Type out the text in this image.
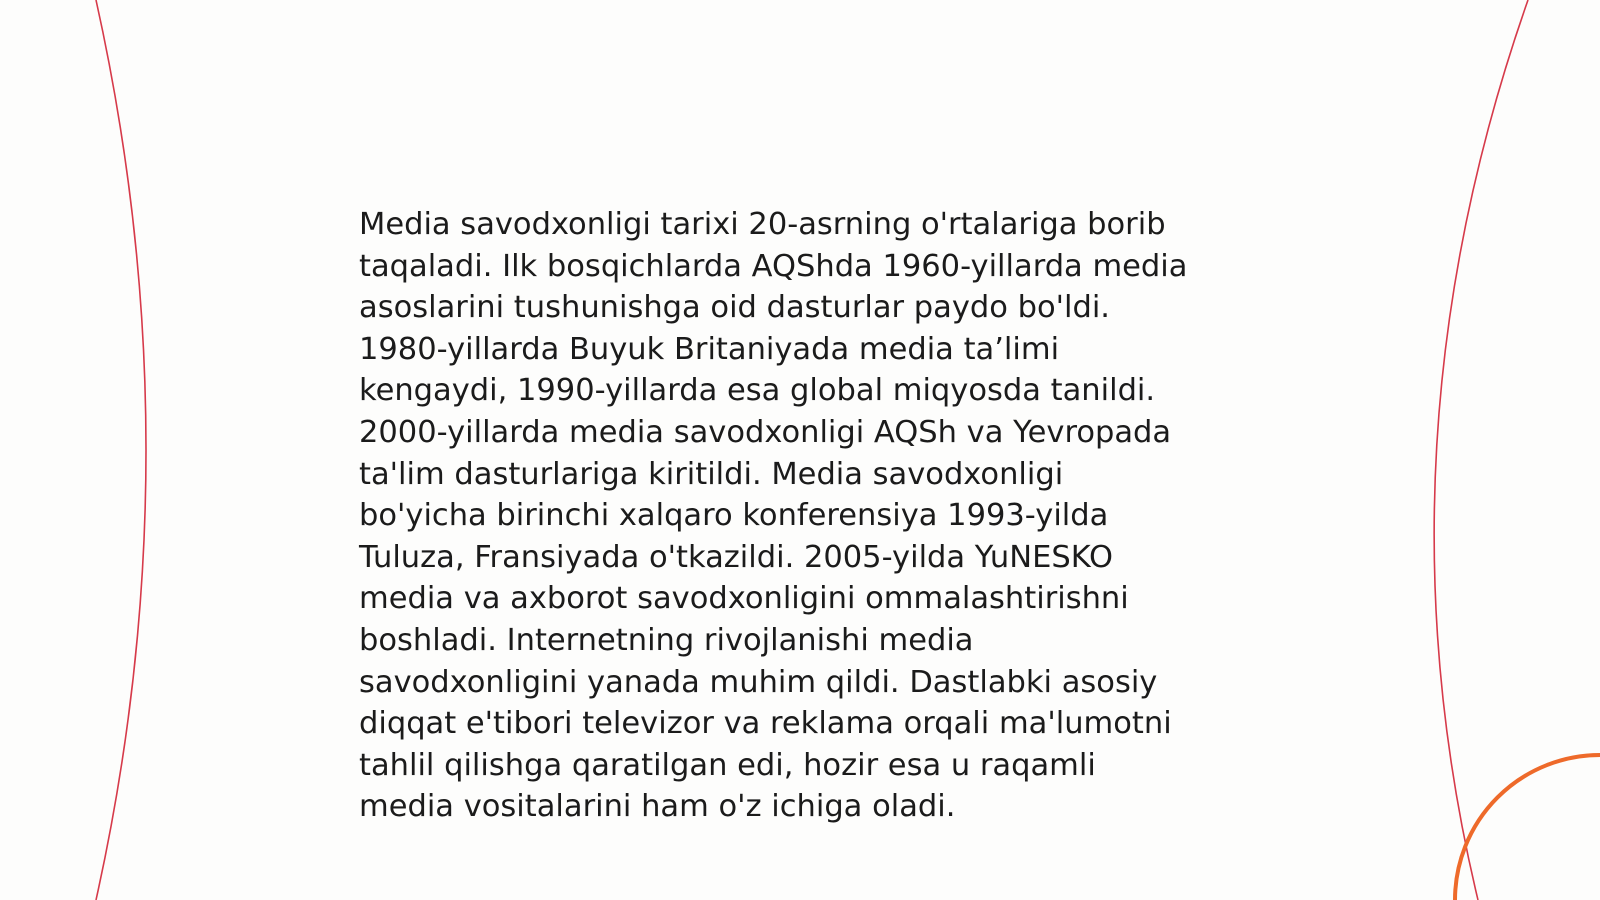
Media savodxonligi tarixi 20-asrning o'rtalariga borib
taqaladi. Ilk bosqichlarda AQShda 1960-yillarda media
asoslarini tushunishga oid dasturlar paydo bo'ldi.
1980-yillarda Buyuk Britaniyada media ta’limi
kengaydi, 1990-yillarda esa global miqyosda tanildi.
2000-yillarda media savodxonligi AQSh va Yevropada
ta'lim dasturlariga kiritildi. Media savodxonligi
bo'yicha birinchi xalqaro konferensiya 1993-yilda
Tuluza, Fransiyada o'tkazildi. 2005-yilda YuNESKO
media va axborot savodxonligini ommalashtirishni
boshladi. Internetning rivojlanishi media
savodxonligini yanada muhim qildi. Dastlabki asosiy
diqqat e'tibori televizor va reklama orqali ma'lumotni
tahlil qilishga qaratilgan edi, hozir esa u raqamli
media vositalarini ham o'z ichiga oladi.
